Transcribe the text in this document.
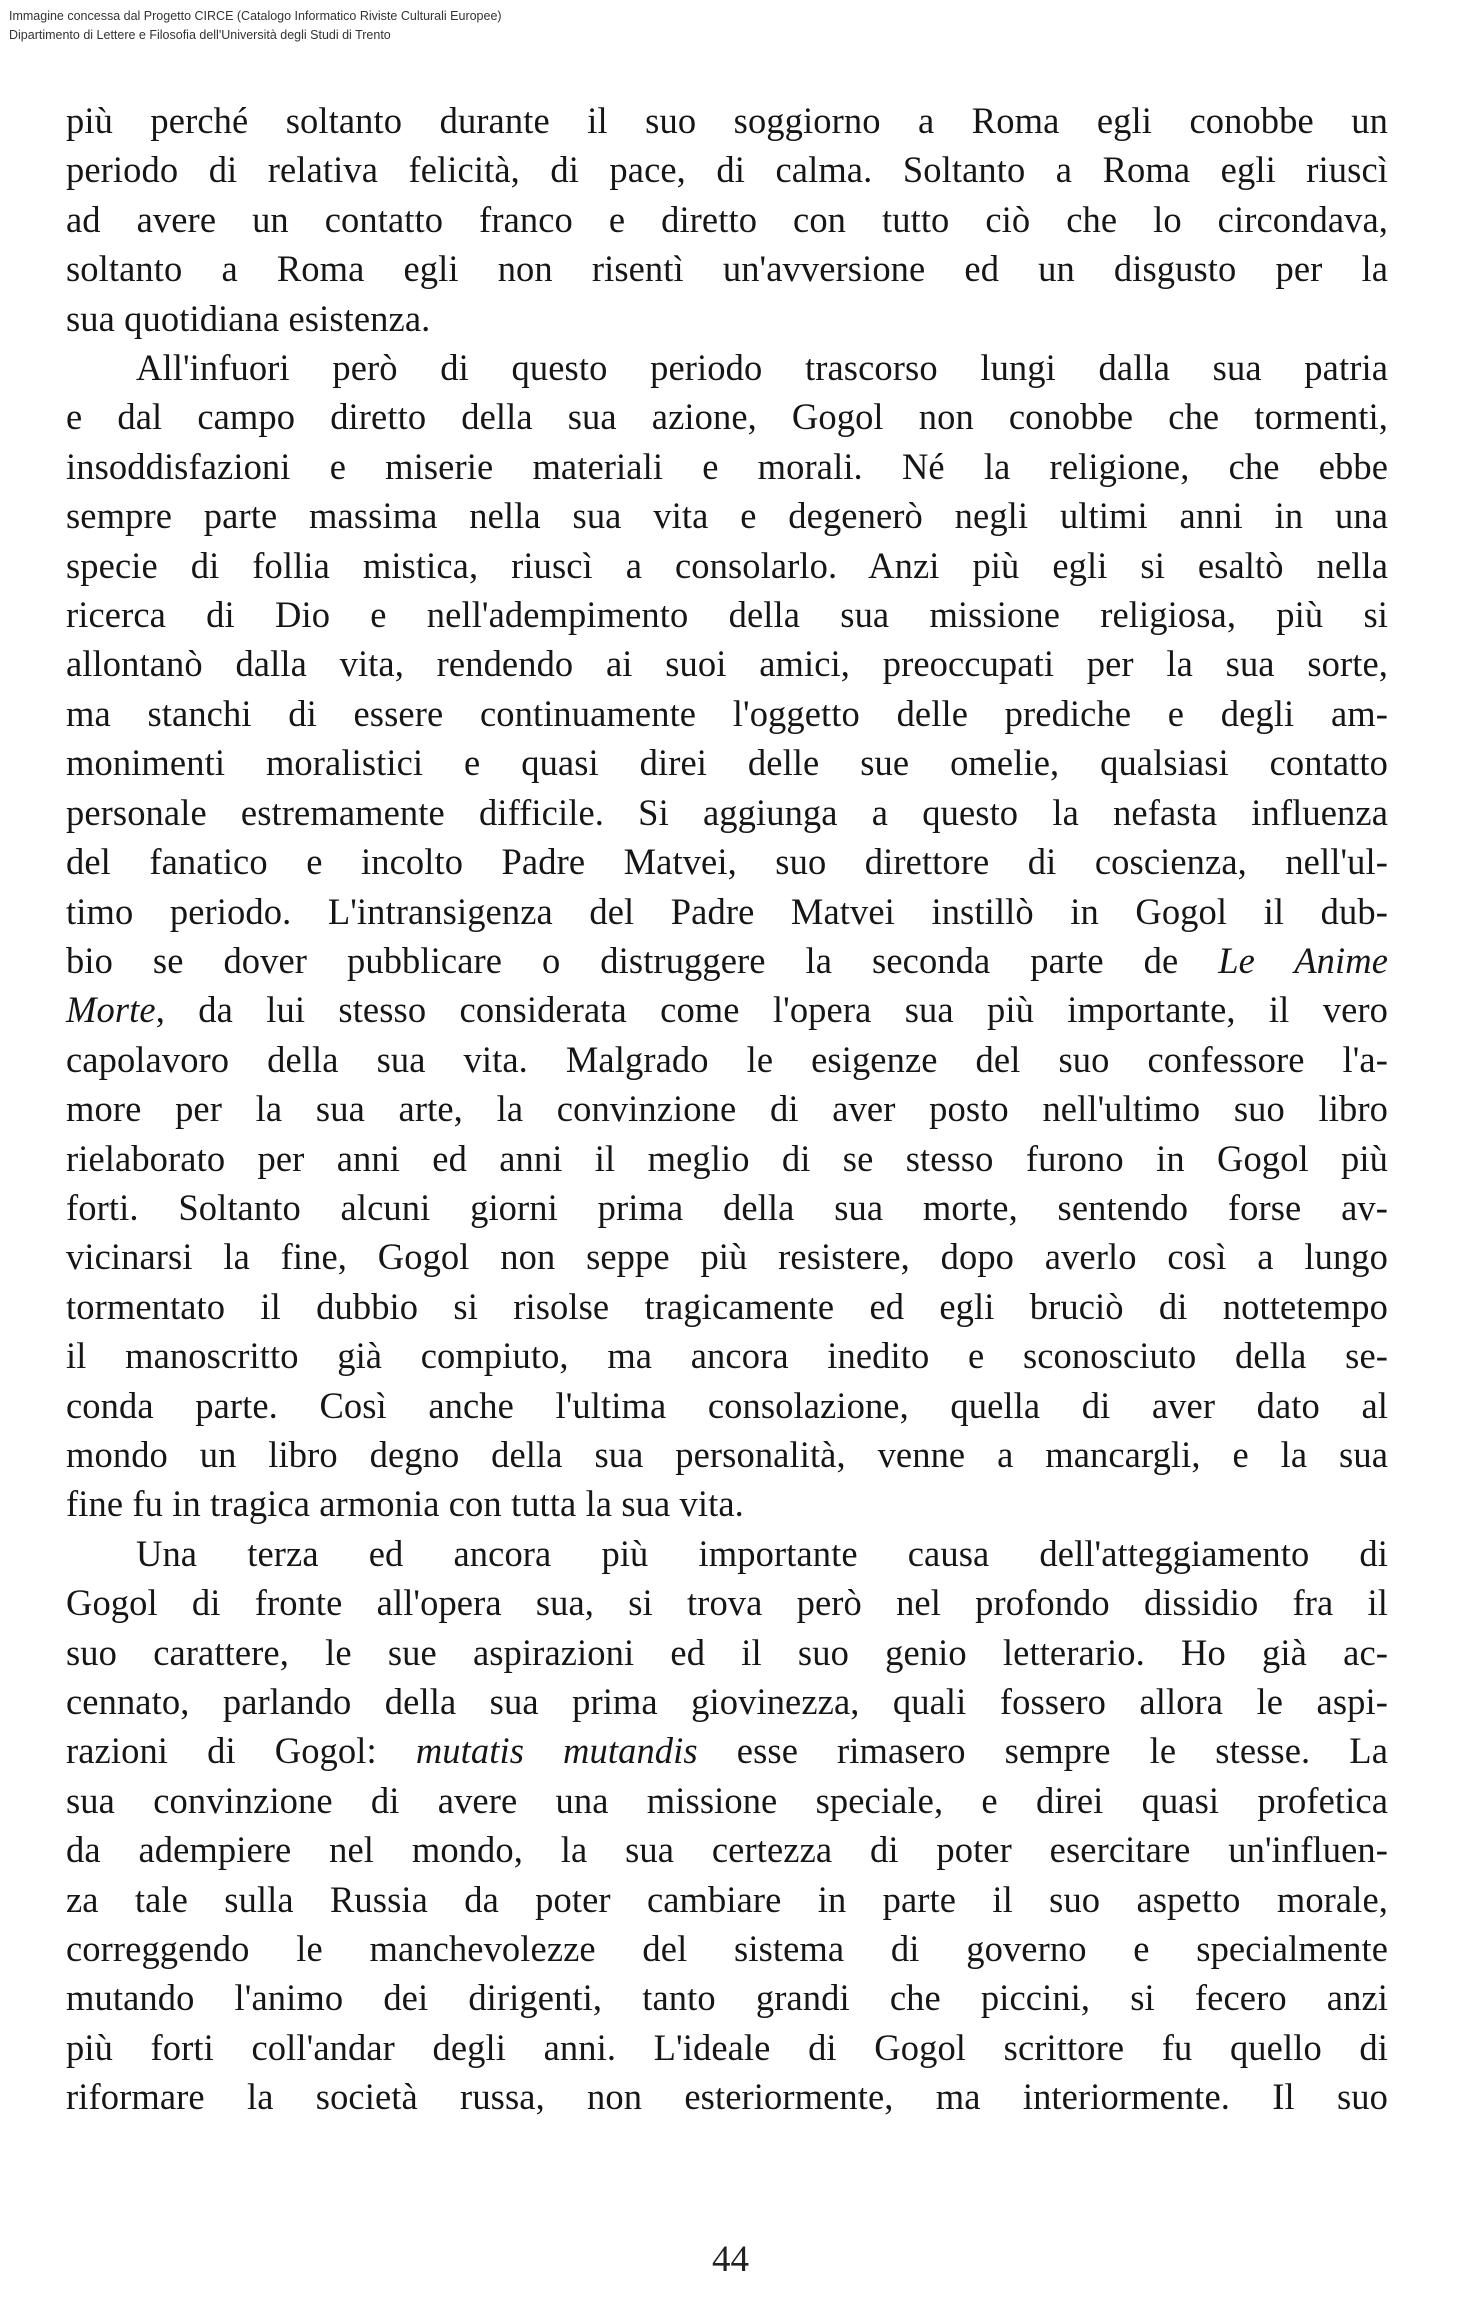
Immagine concessa dal Progetto CIRCE (Catalogo Informatico Riviste Culturali Europee)
Dipartimento di Lettere e Filosofia dell'Università degli Studi di Trento
più perché soltanto durante il suo soggiorno a Roma egli conobbe un
periodo di relativa felicità, di pace, di calma. Soltanto a Roma egli riuscì
ad avere un contatto franco e diretto con tutto ciò che lo circondava,
soltanto a Roma egli non risentì un'avversione ed un disgusto per la
sua quotidiana esistenza.
All'infuori però di questo periodo trascorso lungi dalla sua patria
e dal campo diretto della sua azione, Gogol non conobbe che tormenti,
insoddisfazioni e miserie materiali e morali. Né la religione, che ebbe
sempre parte massima nella sua vita e degenerò negli ultimi anni in una
specie di follia mistica, riuscì a consolarlo. Anzi più egli si esaltò nella
ricerca di Dio e nell'adempimento della sua missione religiosa, più si
allontanò dalla vita, rendendo ai suoi amici, preoccupati per la sua sorte,
ma stanchi di essere continuamente l'oggetto delle prediche e degli am-
monimenti moralistici e quasi direi delle sue omelie, qualsiasi contatto
personale estremamente difficile. Si aggiunga a questo la nefasta influenza
del fanatico e incolto Padre Matvei, suo direttore di coscienza, nell'ul-
timo periodo. L'intransigenza del Padre Matvei instillò in Gogol il dub-
bio se dover pubblicare o distruggere la seconda parte de Le Anime
Morte, da lui stesso considerata come l'opera sua più importante, il vero
capolavoro della sua vita. Malgrado le esigenze del suo confessore l'a-
more per la sua arte, la convinzione di aver posto nell'ultimo suo libro
rielaborato per anni ed anni il meglio di se stesso furono in Gogol più
forti. Soltanto alcuni giorni prima della sua morte, sentendo forse av-
vicinarsi la fine, Gogol non seppe più resistere, dopo averlo così a lungo
tormentato il dubbio si risolse tragicamente ed egli bruciò di nottetempo
il manoscritto già compiuto, ma ancora inedito e sconosciuto della se-
conda parte. Così anche l'ultima consolazione, quella di aver dato al
mondo un libro degno della sua personalità, venne a mancargli, e la sua
fine fu in tragica armonia con tutta la sua vita.
Una terza ed ancora più importante causa dell'atteggiamento di
Gogol di fronte all'opera sua, si trova però nel profondo dissidio fra il
suo carattere, le sue aspirazioni ed il suo genio letterario. Ho già ac-
cennato, parlando della sua prima giovinezza, quali fossero allora le aspi-
razioni di Gogol: mutatis mutandis esse rimasero sempre le stesse. La
sua convinzione di avere una missione speciale, e direi quasi profetica
da adempiere nel mondo, la sua certezza di poter esercitare un'influen-
za tale sulla Russia da poter cambiare in parte il suo aspetto morale,
correggendo le manchevolezze del sistema di governo e specialmente
mutando l'animo dei dirigenti, tanto grandi che piccini, si fecero anzi
più forti coll'andar degli anni. L'ideale di Gogol scrittore fu quello di
riformare la società russa, non esteriormente, ma interiormente. Il suo
44
